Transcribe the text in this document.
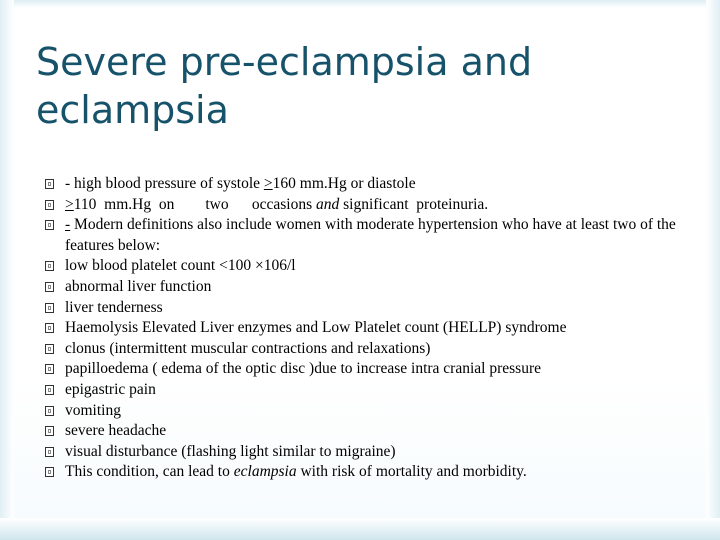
Severe pre-eclampsia and eclampsia
- high blood pressure of systole >160 mm.Hg or diastole
>110  mm.Hg  on        two      occasions and significant  proteinuria.
- Modern definitions also include women with moderate hypertension who have at least two of the features below:
low blood platelet count <100 ×106/l
abnormal liver function
liver tenderness
Haemolysis Elevated Liver enzymes and Low Platelet count (HELLP) syndrome
clonus (intermittent muscular contractions and relaxations)
papilloedema ( edema of the optic disc )due to increase intra cranial pressure
epigastric pain
vomiting
severe headache
visual disturbance (flashing light similar to migraine)
This condition, can lead to eclampsia with risk of mortality and morbidity.
